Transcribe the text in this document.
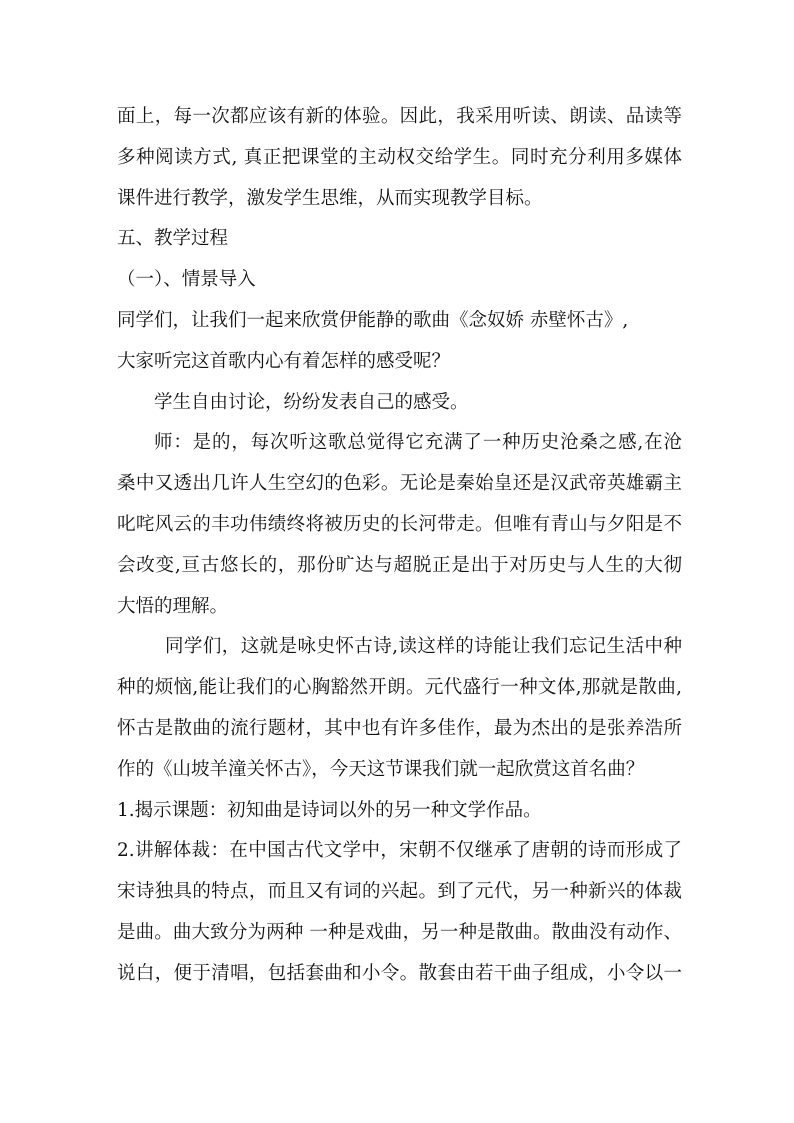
面上，每一次都应该有新的体验。因此，我采用听读、朗读、品读等
多种阅读方式, 真正把课堂的主动权交给学生。同时充分利用多媒体
课件进行教学，激发学生思维，从而实现教学目标。
五、教学过程
（一）、情景导入
同学们，让我们一起来欣赏伊能静的歌曲《念奴娇 赤壁怀古》,
大家听完这首歌内心有着怎样的感受呢？
学生自由讨论，纷纷发表自己的感受。
师：是的，每次听这歌总觉得它充满了一种历史沧桑之感,在沧
桑中又透出几许人生空幻的色彩。无论是秦始皇还是汉武帝英雄霸主
叱咤风云的丰功伟绩终将被历史的长河带走。但唯有青山与夕阳是不
会改变,亘古悠长的，那份旷达与超脱正是出于对历史与人生的大彻
大悟的理解。
同学们，这就是咏史怀古诗,读这样的诗能让我们忘记生活中种
种的烦恼,能让我们的心胸豁然开朗。元代盛行一种文体,那就是散曲,
怀古是散曲的流行题材，其中也有许多佳作，最为杰出的是张养浩所
作的《山坡羊潼关怀古》，今天这节课我们就一起欣赏这首名曲？
1.揭示课题：初知曲是诗词以外的另一种文学作品。
2.讲解体裁：在中国古代文学中，宋朝不仅继承了唐朝的诗而形成了
宋诗独具的特点，而且又有词的兴起。到了元代，另一种新兴的体裁
是曲。曲大致分为两种 一种是戏曲，另一种是散曲。散曲没有动作、
说白，便于清唱，包括套曲和小令。散套由若干曲子组成，小令以一
